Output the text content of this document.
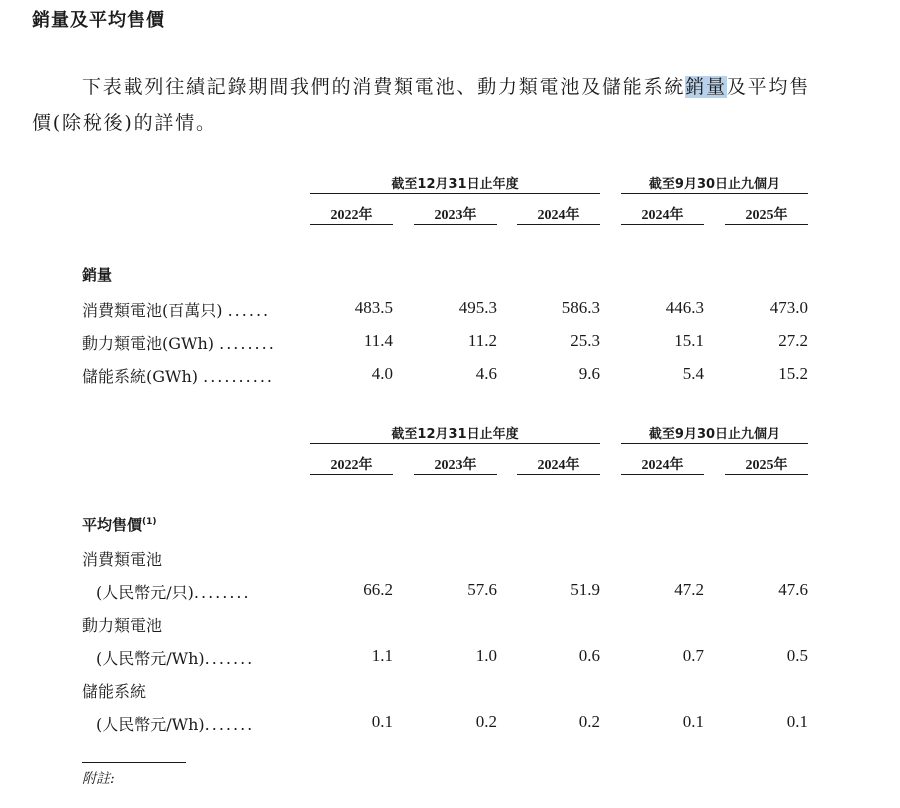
銷量及平均售價
下表載列往績記錄期間我們的消費類電池、動力類電池及儲能系統銷量及平均售
價(除稅後)的詳情。
截至12月31日止年度	截至9月30日止九個月
2022年	2023年	2024年	2024年	2025年
銷量
消費類電池(百萬只) ......	483.5	495.3	586.3	446.3	473.0
動力類電池(GWh) ........	11.4	11.2	25.3	15.1	27.2
儲能系統(GWh) ..........	4.0	4.6	9.6	5.4	15.2
截至12月31日止年度	截至9月30日止九個月
2022年	2023年	2024年	2024年	2025年
平均售價$^{(1)}$
消費類電池
(人民幣元/只)........	66.2	57.6	51.9	47.2	47.6
動力類電池
(人民幣元/Wh).......	1.1	1.0	0.6	0.7	0.5
儲能系統
(人民幣元/Wh).......	0.1	0.2	0.2	0.1	0.1
附註:
